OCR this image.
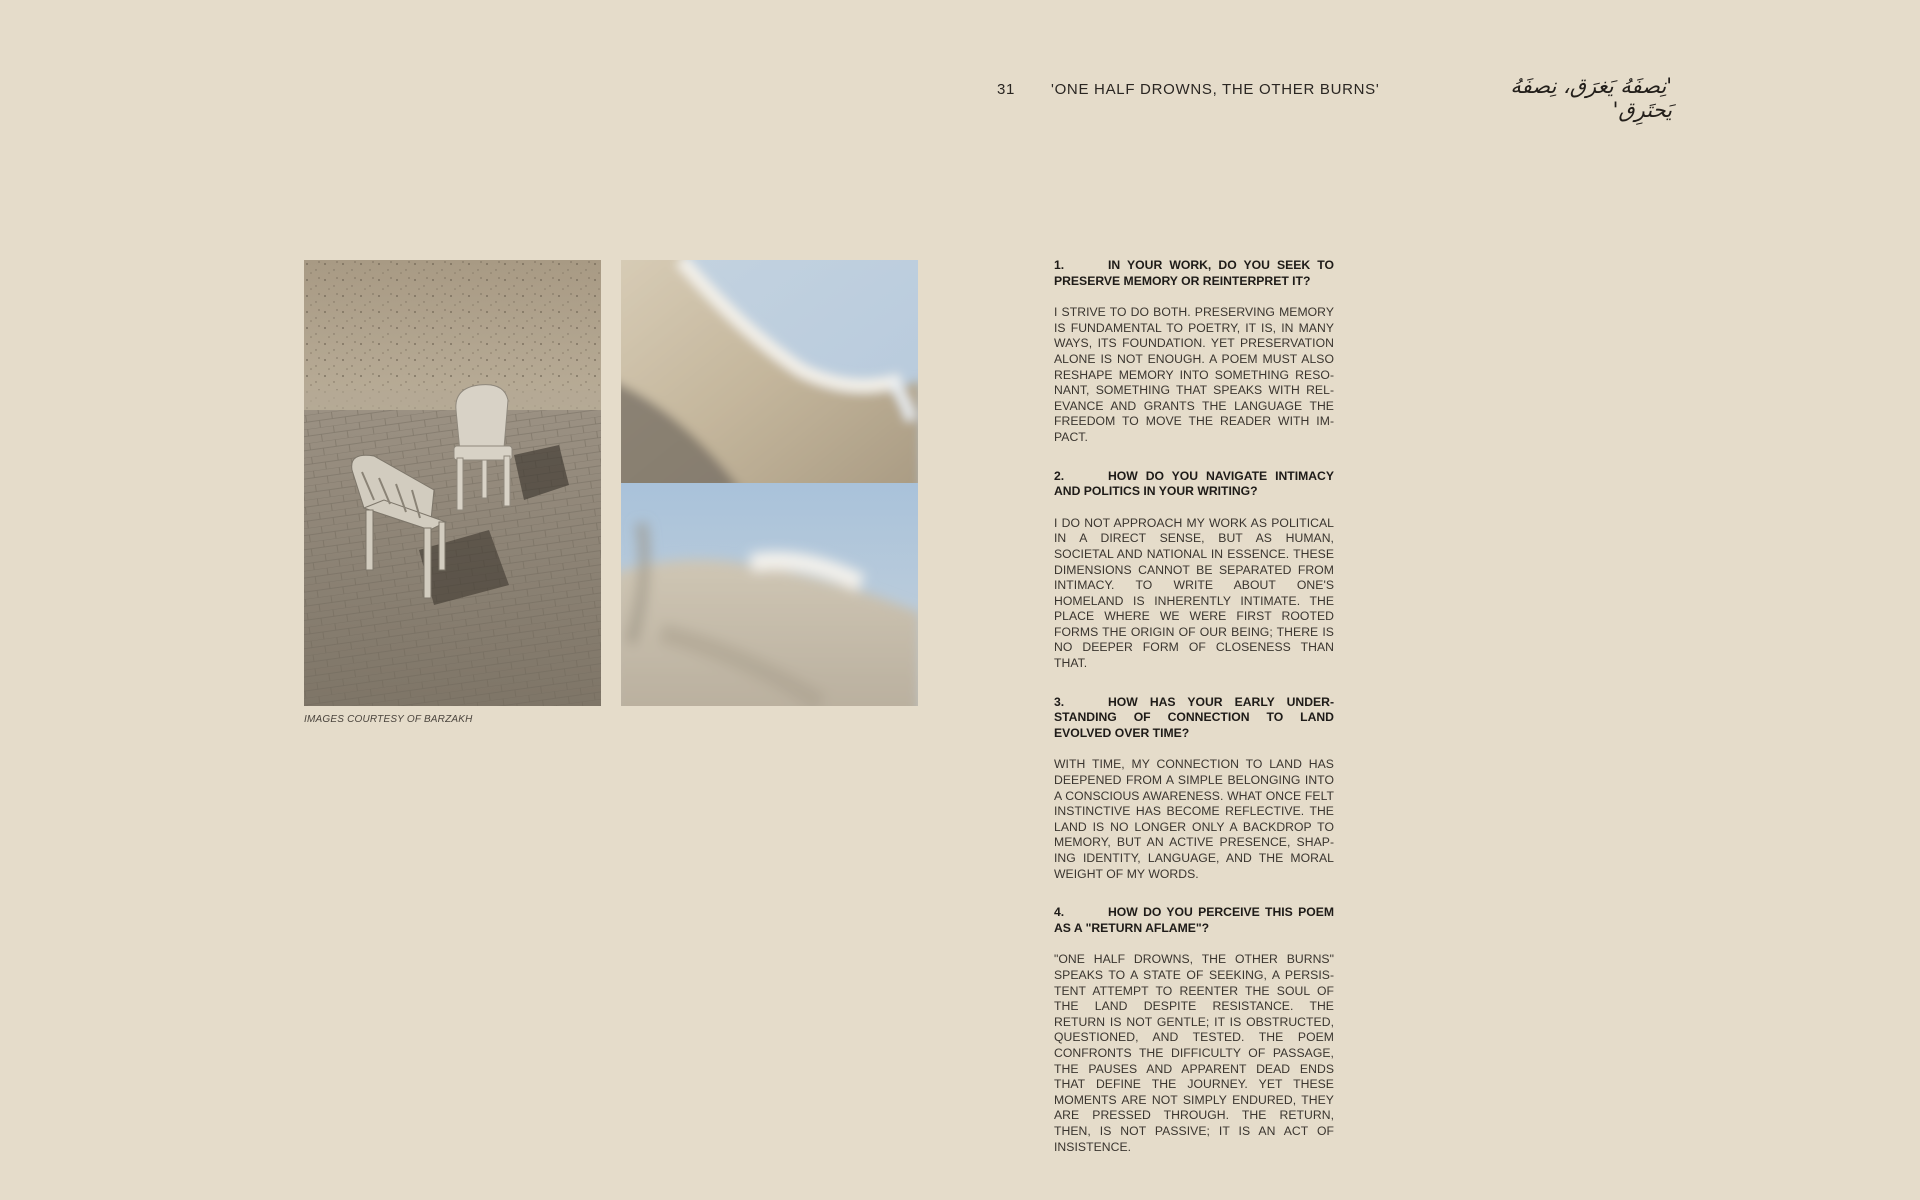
31 'ONE HALF DROWNS, THE OTHER BURNS'	'نِصفَهُ يَغرَق، نِصفَهُ يَحتَرِق'
IMAGES COURTESY OF BARZAKH

1.	IN YOUR WORK, DO YOU SEEK TO PRESERVE MEMORY OR REINTERPRET IT?

I STRIVE TO DO BOTH. PRESERVING MEMORY IS FUNDAMENTAL TO POETRY, IT IS, IN MANY WAYS, ITS FOUNDATION. YET PRESERVATION ALONE IS NOT ENOUGH. A POEM MUST ALSO RESHAPE MEMORY INTO SOMETHING RESONANT, SOMETHING THAT SPEAKS WITH RELEVANCE AND GRANTS THE LANGUAGE THE FREEDOM TO MOVE THE READER WITH IMPACT.

2.	HOW DO YOU NAVIGATE INTIMACY AND POLITICS IN YOUR WRITING?

I DO NOT APPROACH MY WORK AS POLITICAL IN A DIRECT SENSE, BUT AS HUMAN, SOCIETAL AND NATIONAL IN ESSENCE. THESE DIMENSIONS CANNOT BE SEPARATED FROM INTIMACY. TO WRITE ABOUT ONE'S HOMELAND IS INHERENTLY INTIMATE. THE PLACE WHERE WE WERE FIRST ROOTED FORMS THE ORIGIN OF OUR BEING; THERE IS NO DEEPER FORM OF CLOSENESS THAN THAT.

3.	HOW HAS YOUR EARLY UNDERSTANDING OF CONNECTION TO LAND EVOLVED OVER TIME?

WITH TIME, MY CONNECTION TO LAND HAS DEEPENED FROM A SIMPLE BELONGING INTO A CONSCIOUS AWARENESS. WHAT ONCE FELT INSTINCTIVE HAS BECOME REFLECTIVE. THE LAND IS NO LONGER ONLY A BACKDROP TO MEMORY, BUT AN ACTIVE PRESENCE, SHAPING IDENTITY, LANGUAGE, AND THE MORAL WEIGHT OF MY WORDS.

4.	HOW DO YOU PERCEIVE THIS POEM AS A "RETURN AFLAME"?

"ONE HALF DROWNS, THE OTHER BURNS" SPEAKS TO A STATE OF SEEKING, A PERSISTENT ATTEMPT TO REENTER THE SOUL OF THE LAND DESPITE RESISTANCE. THE RETURN IS NOT GENTLE; IT IS OBSTRUCTED, QUESTIONED, AND TESTED. THE POEM CONFRONTS THE DIFFICULTY OF PASSAGE, THE PAUSES AND APPARENT DEAD ENDS THAT DEFINE THE JOURNEY. YET THESE MOMENTS ARE NOT SIMPLY ENDURED, THEY ARE PRESSED THROUGH. THE RETURN, THEN, IS NOT PASSIVE; IT IS AN ACT OF INSISTENCE.
